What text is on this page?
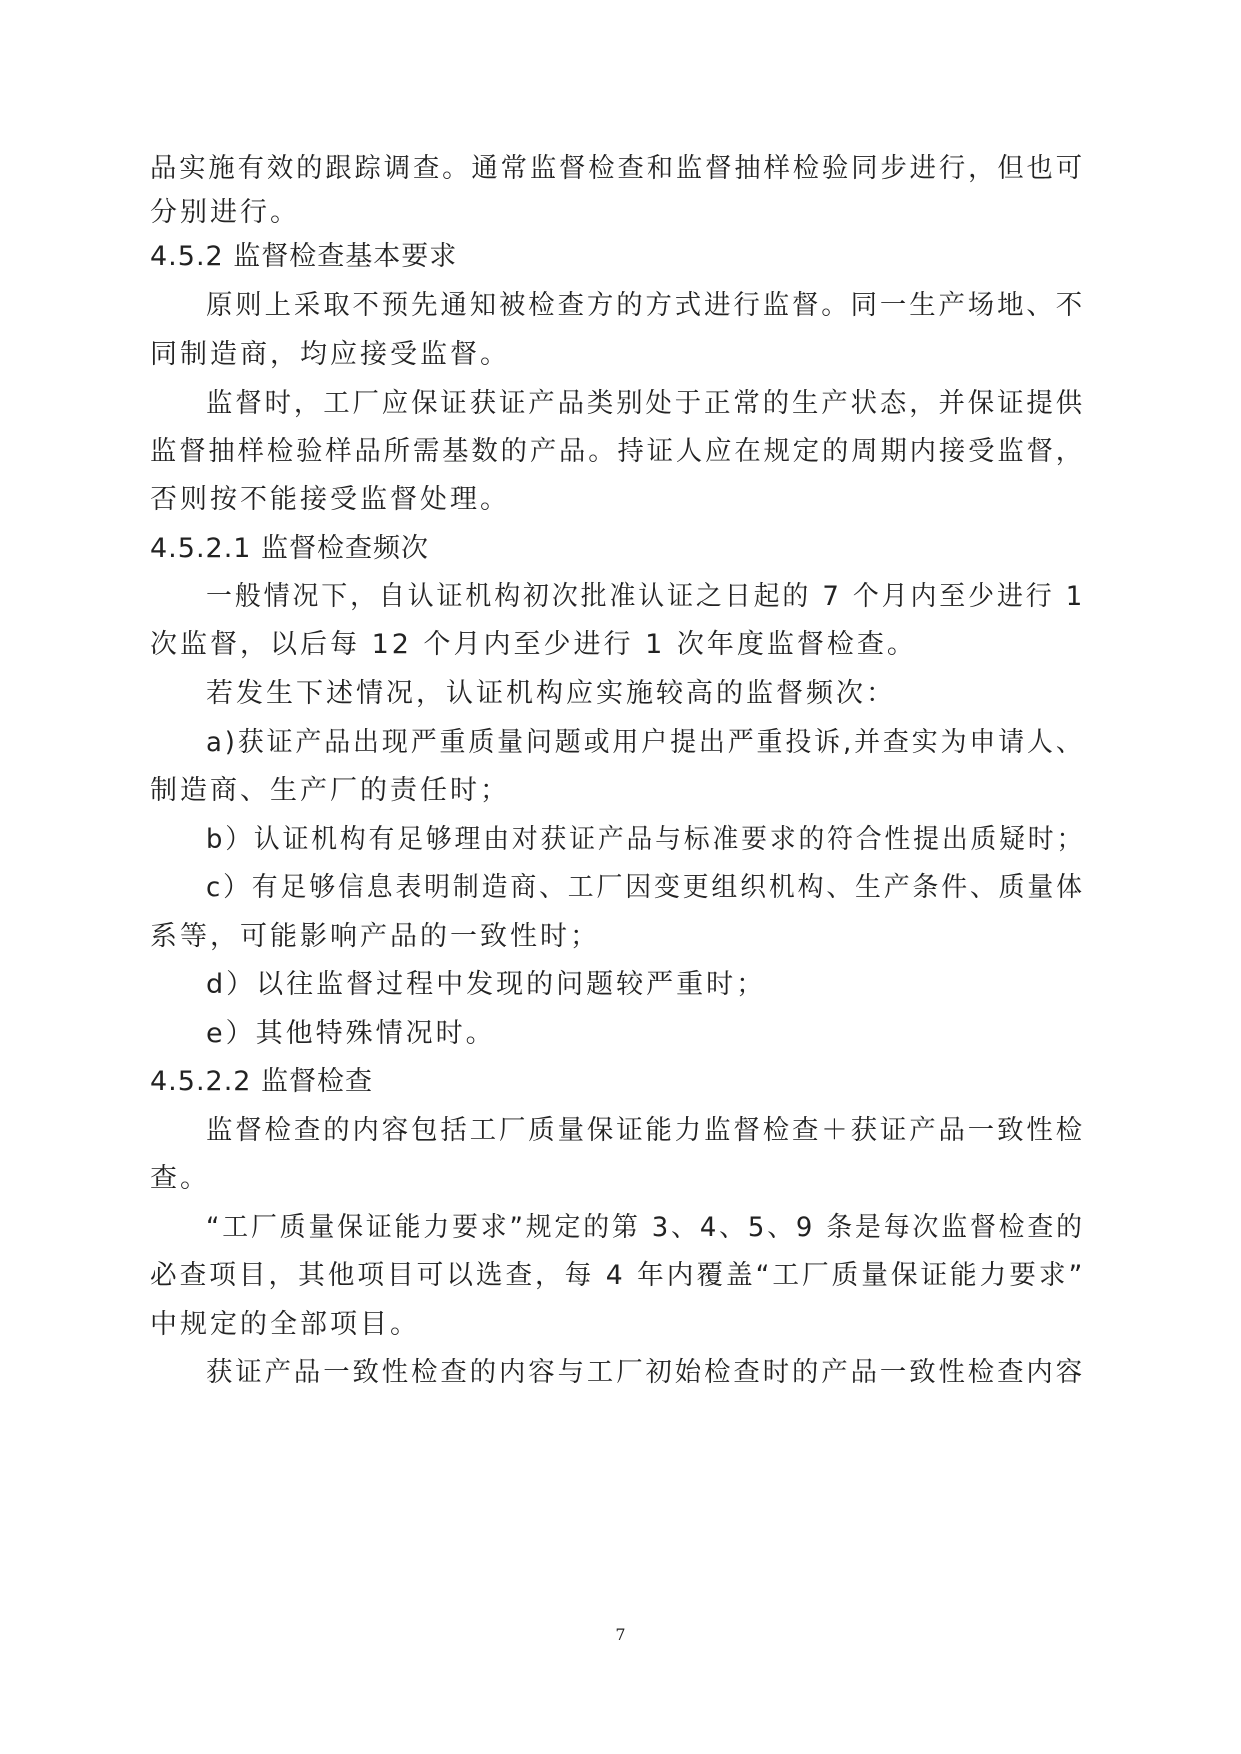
品实施有效的跟踪调查。通常监督检查和监督抽样检验同步进行，但也可
分别进行。
4.5.2 监督检查基本要求
原则上采取不预先通知被检查方的方式进行监督。同一生产场地、不
同制造商，均应接受监督。
监督时，工厂应保证获证产品类别处于正常的生产状态，并保证提供
监督抽样检验样品所需基数的产品。持证人应在规定的周期内接受监督，
否则按不能接受监督处理。
4.5.2.1 监督检查频次
一般情况下，自认证机构初次批准认证之日起的 7 个月内至少进行 1
次监督，以后每 12 个月内至少进行 1 次年度监督检查。
若发生下述情况，认证机构应实施较高的监督频次：
a)获证产品出现严重质量问题或用户提出严重投诉,并查实为申请人、
制造商、生产厂的责任时；
b）认证机构有足够理由对获证产品与标准要求的符合性提出质疑时；
c）有足够信息表明制造商、工厂因变更组织机构、生产条件、质量体
系等，可能影响产品的一致性时；
d）以往监督过程中发现的问题较严重时；
e）其他特殊情况时。
4.5.2.2 监督检查
监督检查的内容包括工厂质量保证能力监督检查＋获证产品一致性检
查。
“工厂质量保证能力要求”规定的第 3、4、5、9 条是每次监督检查的
必查项目，其他项目可以选查，每 4 年内覆盖“工厂质量保证能力要求”
中规定的全部项目。
获证产品一致性检查的内容与工厂初始检查时的产品一致性检查内容
7
